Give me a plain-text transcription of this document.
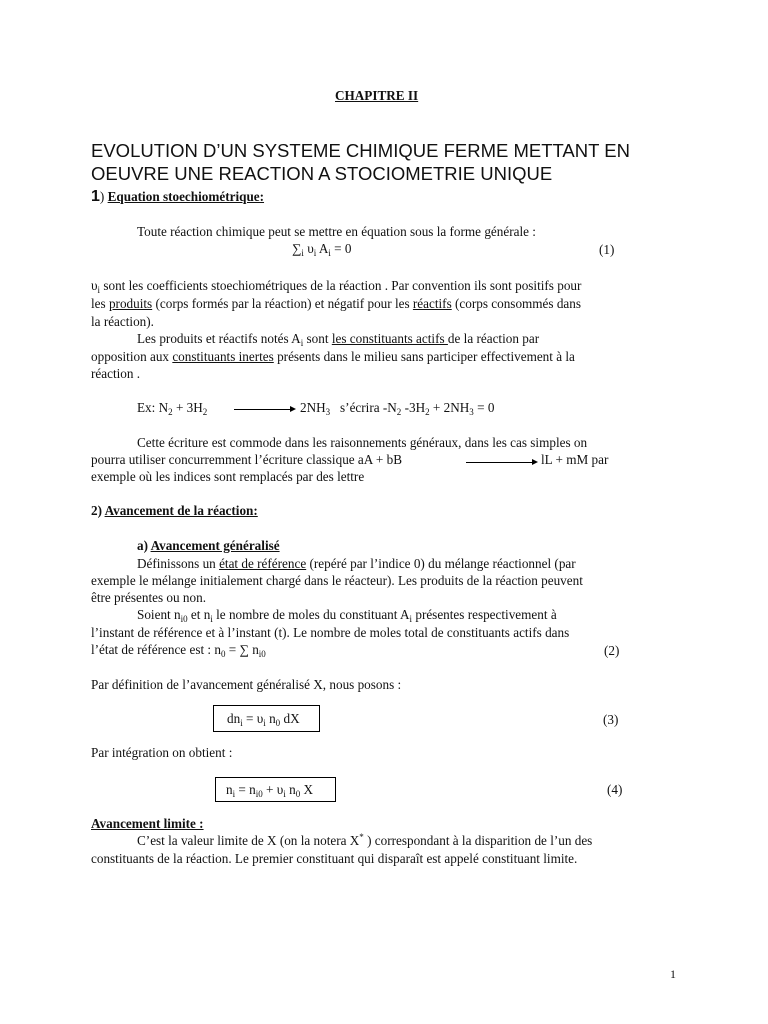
CHAPITRE II
EVOLUTION D’UN SYSTEME CHIMIQUE FERME METTANT EN
OEUVRE UNE REACTION A STOCIOMETRIE UNIQUE
1) Equation stoechiométrique:
Toute réaction chimique peut se mettre en équation sous la forme générale :
$\sum_i$ $\upsilon_i$ $A_i = 0$	(1)
$\upsilon_i$ sont les coefficients stoechiométriques de la réaction . Par convention ils sont positifs pour
les produits (corps formés par la réaction) et négatif pour les réactifs (corps consommés dans
la réaction).
Les produits et réactifs notés $A_i$ sont les constituants actifs de la réaction par
opposition aux constituants inertes présents dans le milieu sans participer effectivement à la
réaction .
Ex: $N_2 + 3H_2$	$2NH_3$   s’écrira $-N_2$ $-3H_2 + 2NH_3 = 0$
Cette écriture est commode dans les raisonnements généraux, dans les cas simples on
pourra utiliser concurremment l’écriture classique aA + bB	lL + mM par
exemple où les indices sont remplacés par des lettre
2) Avancement de la réaction:
a) Avancement généralisé
Définissons un état de référence (repéré par l’indice 0) du mélange réactionnel (par
exemple le mélange initialement chargé dans le réacteur). Les produits de la réaction peuvent
être présentes ou non.
Soient $n_{i0}$ et $n_i$ le nombre de moles du constituant $A_i$ présentes respectivement à
l’instant de référence et à l’instant (t). Le nombre de moles total de constituants actifs dans
l’état de référence est : $n_0$ = ∑ $n_{i0}$	(2)
Par définition de l’avancement généralisé X, nous posons :
$dn_i = \upsilon_i$ $n_0$ dX	(3)
Par intégration on obtient :
$n_i = n_{i0} + \upsilon_i$ $n_0$ X	(4)
Avancement limite :
C’est la valeur limite de X (on la notera X* ) correspondant à la disparition de l’un des
constituants de la réaction. Le premier constituant qui disparaît est appelé constituant limite.
1
